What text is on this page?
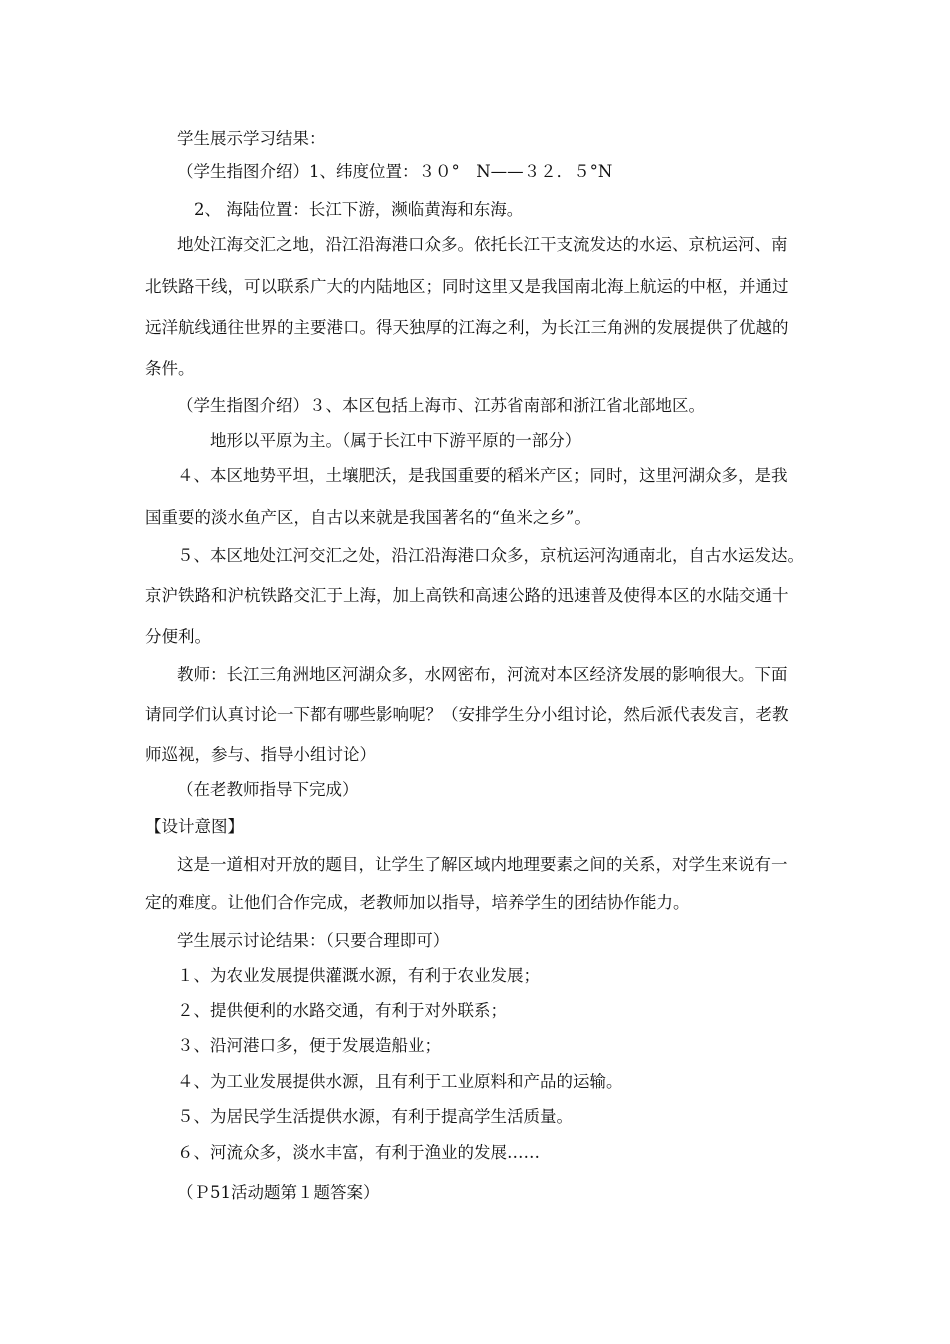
学生展示学习结果：
（学生指图介绍）1、纬度位置：３０°　N——３２．５°N
2、 海陆位置：长江下游，濒临黄海和东海。
地处江海交汇之地，沿江沿海港口众多。依托长江干支流发达的水运、京杭运河、南
北铁路干线，可以联系广大的内陆地区；同时这里又是我国南北海上航运的中枢，并通过
远洋航线通往世界的主要港口。得天独厚的江海之利，为长江三角洲的发展提供了优越的
条件。
（学生指图介绍）３、本区包括上海市、江苏省南部和浙江省北部地区。
地形以平原为主。（属于长江中下游平原的一部分）
４、本区地势平坦，土壤肥沃，是我国重要的稻米产区；同时，这里河湖众多，是我
国重要的淡水鱼产区，自古以来就是我国著名的“鱼米之乡”。
５、本区地处江河交汇之处，沿江沿海港口众多，京杭运河沟通南北，自古水运发达。
京沪铁路和沪杭铁路交汇于上海，加上高铁和高速公路的迅速普及使得本区的水陆交通十
分便利。
教师：长江三角洲地区河湖众多，水网密布，河流对本区经济发展的影响很大。下面
请同学们认真讨论一下都有哪些影响呢？（安排学生分小组讨论，然后派代表发言，老教
师巡视，参与、指导小组讨论）
（在老教师指导下完成）
【设计意图】
这是一道相对开放的题目，让学生了解区域内地理要素之间的关系，对学生来说有一
定的难度。让他们合作完成，老教师加以指导，培养学生的团结协作能力。
学生展示讨论结果：（只要合理即可）
１、为农业发展提供灌溉水源，有利于农业发展；
２、提供便利的水路交通，有利于对外联系；
３、沿河港口多，便于发展造船业；
４、为工业发展提供水源，且有利于工业原料和产品的运输。
５、为居民学生活提供水源，有利于提高学生活质量。
６、河流众多，淡水丰富，有利于渔业的发展……
（Ｐ51活动题第１题答案）
